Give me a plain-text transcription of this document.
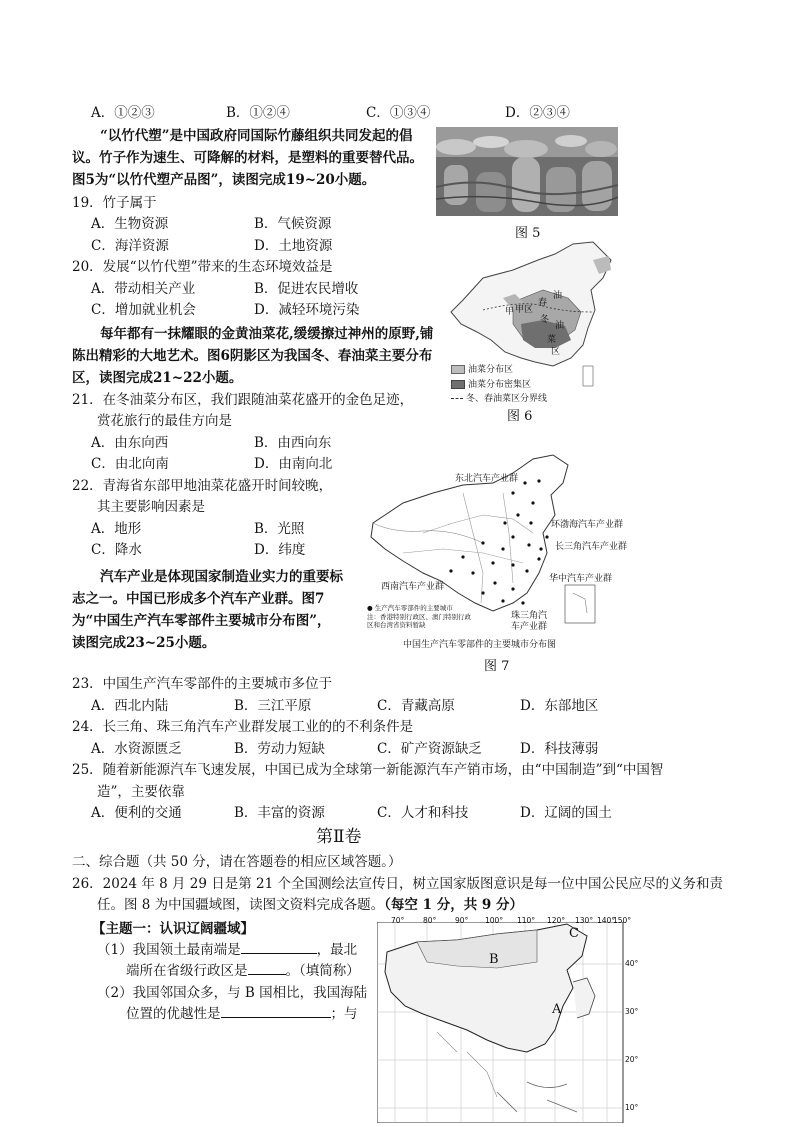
A．①②③	B．①②④	C．①③④	D．②③④
“以竹代塑”是中国政府同国际竹藤组织共同发起的倡议。竹子作为速生、可降解的材料，是塑料的重要替代品。图5为“以竹代塑产品图”，读图完成19~20小题。
图 5
19．竹子属于
A．生物资源	B．气候资源
C．海洋资源	D．土地资源
20．发展“以竹代塑”带来的生态环境效益是
A．带动相关产业	B．促进农民增收
C．增加就业机会	D．减轻环境污染
每年都有一抹耀眼的金黄油菜花,缓缓擦过神州的原野,铺陈出精彩的大地艺术。图6阴影区为我国冬、春油菜主要分布区，读图完成21~22小题。
甲区
春
油
冬
油
菜
区
甲
油菜分布区
油菜分布密集区
冬、春油菜区分界线
图 6
21．在冬油菜分布区，我们跟随油菜花盛开的金色足迹，
赏花旅行的最佳方向是
A．由东向西	B．由西向东
C．由北向南	D．由南向北
22．青海省东部甲地油菜花盛开时间较晚，
其主要影响因素是
A．地形	B．光照
C．降水	D．纬度
汽车产业是体现国家制造业实力的重要标志之一。中国已形成多个汽车产业群。图7为“中国生产汽车零部件主要城市分布图”，读图完成23~25小题。
东北汽车产业群
环渤海汽车产业群
长三角汽车产业群
华中汽车产业群
西南汽车产业群
珠三角汽车产业群
● 生产汽车零部件的主要城市
注：香港特别行政区、澳门特别行政区和台湾省资料暂缺
中国生产汽车零部件的主要城市分布图
图 7
23．中国生产汽车零部件的主要城市多位于
A．西北内陆	B．三江平原	C．青藏高原	D．东部地区
24．长三角、珠三角汽车产业群发展工业的的不利条件是
A．水资源匮乏	B．劳动力短缺	C．矿产资源缺乏	D．科技薄弱
25．随着新能源汽车飞速发展，中国已成为全球第一新能源汽车产销市场，由“中国制造”到“中国智
造”，主要依靠
A．便利的交通	B．丰富的资源	C．人才和科技	D．辽阔的国土
第Ⅱ卷
二、综合题（共 50 分，请在答题卷的相应区域答题。）
26．2024 年 8 月 29 日是第 21 个全国测绘法宣传日，树立国家版图意识是每一位中国公民应尽的义务和责
任。图 8 为中国疆域图，读图文资料完成各题。（每空 1 分，共 9 分）
【主题一：认识辽阔疆域】
（1）我国领土最南端是	，最北
端所在省级行政区是	。（填简称）
（2）我国邻国众多，与 B 国相比，我国海陆
位置的优越性是	；与
70° 80° 90° 100° 110° 120° 130° 140°
150°
40°
30°
20°
10°
A
B
C
